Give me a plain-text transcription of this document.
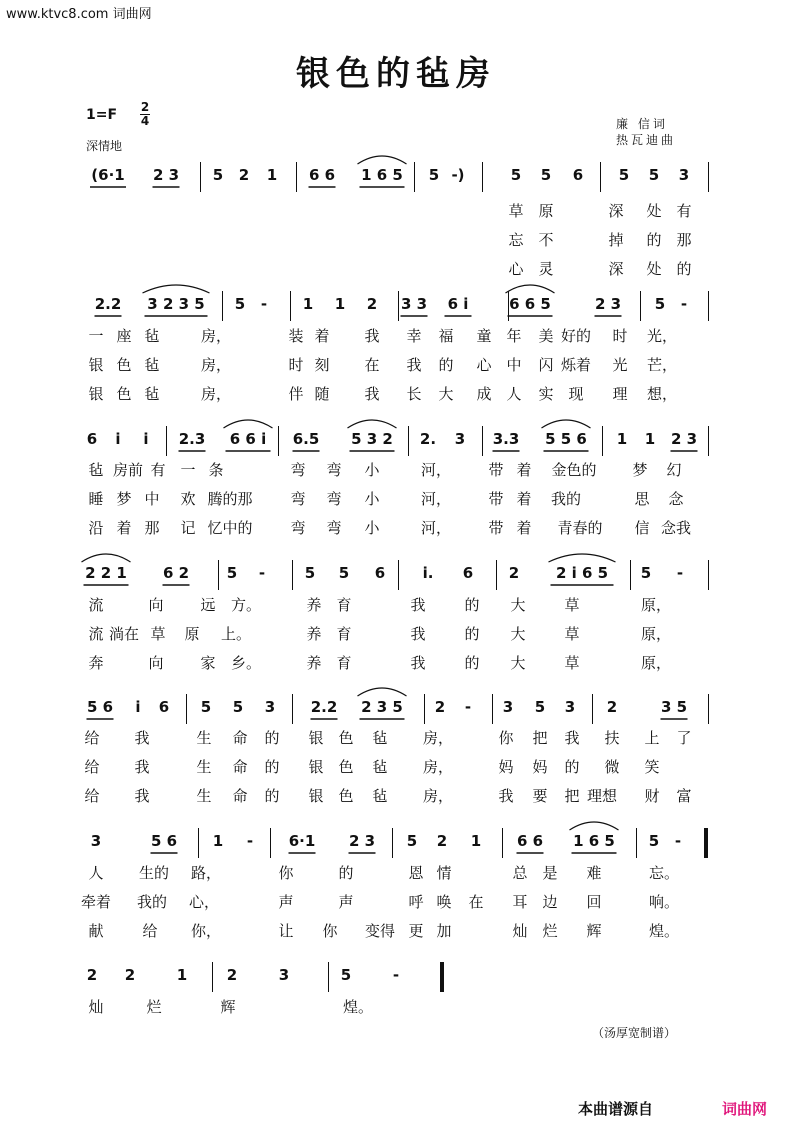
www.ktvc8.com 词曲网
银色的毡房
1=F 2
4
深情地
廉 信词
热瓦迪曲
(6·1 2 3 5 2 1 6 6 1 6 5 5 -)	5 5 6 5 5 3
草 原	深 处 有
忘 不	掉 的 那
心 灵	深 处 的
2.2 3 2 3 5 5 - 1 1 2 3 3 6 i	6 6 5	2 3 5 -
一 座 毡	房，	装 着 我 幸 福 童 年 美 好的 时 光，
银 色 毡	房，	时 刻 在 我 的 心 中 闪 烁着 光 芒，
银 色 毡	房，	伴 随 我 长 大 成 人 实 现 理 想，
6 i i 2.3 6 6 i 6.5 5 3 2 2. 3 3.3 5 5 6 1 1 2 3
毡 房前 有 一 条	弯 弯 小	河， 带 着 金色的 梦 幻
睡 梦 中 欢 腾的那	弯 弯 小	河， 带 着 我的	思 念
沿 着 那 记 忆中的	弯 弯 小	河， 带 着 青春的 信 念我
2 2 1 6 2	5 -	5 5 6 i. 6 2 2 i 6 5 5 -
流	向 远 方。	养 育	我	的 大	草	原，
流 淌在 草 原 上。	养 育	我	的 大	草	原，
奔	向 家 乡。	养 育	我	的 大	草	原，
5 6 i 6 5 5 3 2.2 2 3 5 2 - 3 5 3 2	3 5
给 我	生 命 的 银 色 毡 房，	你 把 我 扶 上 了
给 我	生 命 的 银 色 毡 房，	妈 妈 的 微 笑
给 我	生 命 的 银 色 毡 房，	我 要 把 理想 财 富
3	5 6 1 - 6·1 2 3 5 2 1 6 6 1 6 5 5 -
人 生的 路，	你	的	恩 情	总 是 难	忘。
牵着 我的 心，	声	声	呼 唤 在 耳 边 回	响。
献	给 你，	让 你 变得 更 加	灿 烂 辉	煌。
2 2	1	2	3	5	-
灿	烂	辉	煌。
（汤厚宽制谱）
本曲谱源自	词曲网
